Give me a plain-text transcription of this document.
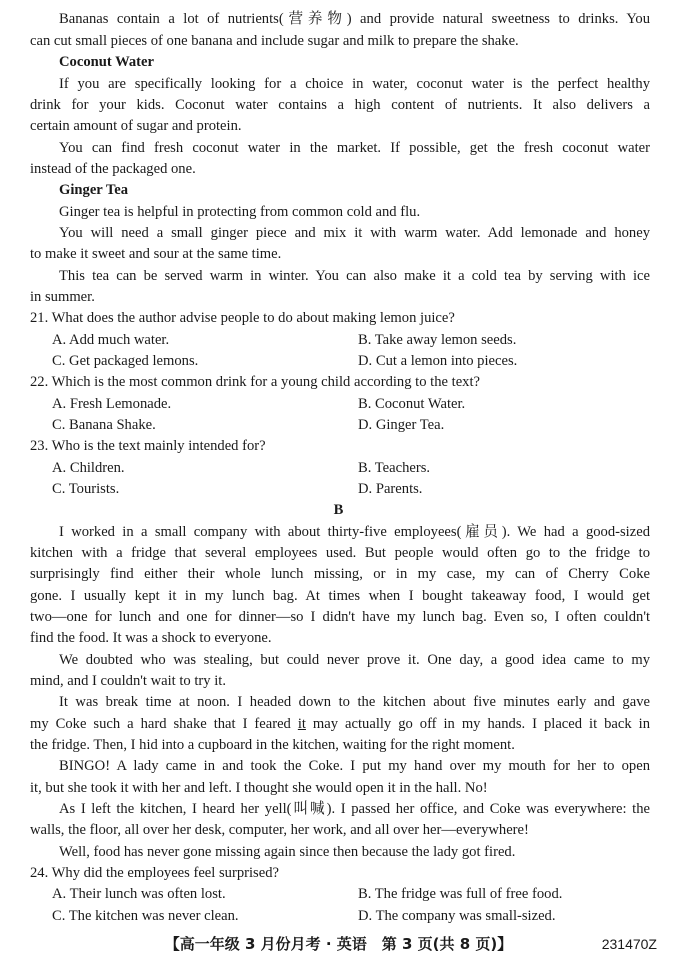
Bananas contain a lot of nutrients(营养物) and provide natural sweetness to drinks. You
can cut small pieces of one banana and include sugar and milk to prepare the shake.
Coconut Water
If you are specifically looking for a choice in water, coconut water is the perfect healthy
drink for your kids. Coconut water contains a high content of nutrients. It also delivers a
certain amount of sugar and protein.
You can find fresh coconut water in the market. If possible, get the fresh coconut water
instead of the packaged one.
Ginger Tea
Ginger tea is helpful in protecting from common cold and flu.
You will need a small ginger piece and mix it with warm water. Add lemonade and honey
to make it sweet and sour at the same time.
This tea can be served warm in winter. You can also make it a cold tea by serving with ice
in summer.
21. What does the author advise people to do about making lemon juice?
A. Add much water.	B. Take away lemon seeds.
C. Get packaged lemons.	D. Cut a lemon into pieces.
22. Which is the most common drink for a young child according to the text?
A. Fresh Lemonade.	B. Coconut Water.
C. Banana Shake.	D. Ginger Tea.
23. Who is the text mainly intended for?
A. Children.	B. Teachers.
C. Tourists.	D. Parents.
B
I worked in a small company with about thirty-five employees(雇员). We had a good-sized
kitchen with a fridge that several employees used. But people would often go to the fridge to
surprisingly find either their whole lunch missing, or in my case, my can of Cherry Coke
gone. I usually kept it in my lunch bag. At times when I bought takeaway food, I would get
two—one for lunch and one for dinner—so I didn't have my lunch bag. Even so, I often couldn't
find the food. It was a shock to everyone.
We doubted who was stealing, but could never prove it. One day, a good idea came to my
mind, and I couldn't wait to try it.
It was break time at noon. I headed down to the kitchen about five minutes early and gave
my Coke such a hard shake that I feared it may actually go off in my hands. I placed it back in
the fridge. Then, I hid into a cupboard in the kitchen, waiting for the right moment.
BINGO! A lady came in and took the Coke. I put my hand over my mouth for her to open
it, but she took it with her and left. I thought she would open it in the hall. No!
As I left the kitchen, I heard her yell(叫喊). I passed her office, and Coke was everywhere: the
walls, the floor, all over her desk, computer, her work, and all over her—everywhere!
Well, food has never gone missing again since then because the lady got fired.
24. Why did the employees feel surprised?
A. Their lunch was often lost.	B. The fridge was full of free food.
C. The kitchen was never clean.	D. The company was small-sized.
【高一年级 3 月份月考 · 英语　第 3 页(共 8 页)】	231470Z
